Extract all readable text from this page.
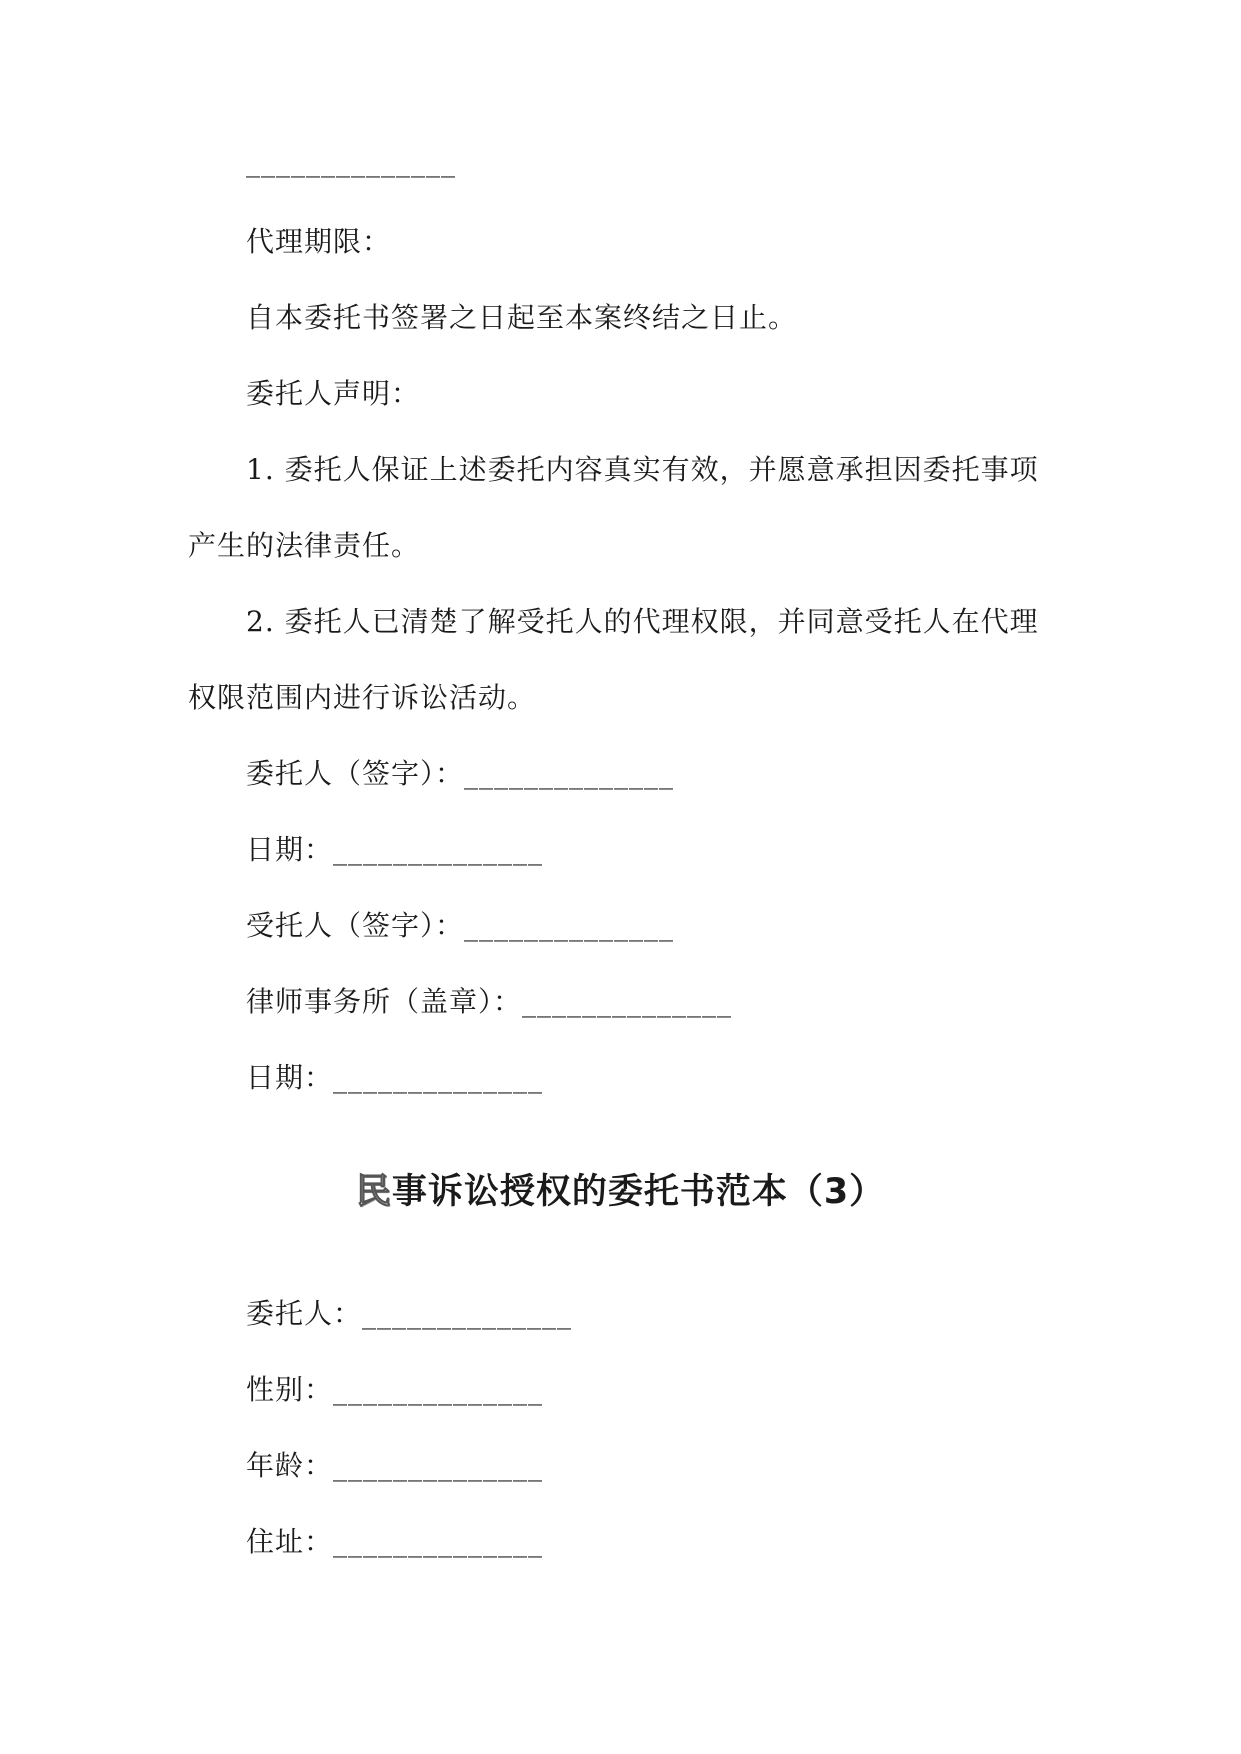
______________
代理期限：
自本委托书签署之日起至本案终结之日止。
委托人声明：
1. 委托人保证上述委托内容真实有效，并愿意承担因委托事项
产生的法律责任。
2. 委托人已清楚了解受托人的代理权限，并同意受托人在代理
权限范围内进行诉讼活动。
委托人（签字）：______________
日期：______________
受托人（签字）：______________
律师事务所（盖章）：______________
日期：______________
民事诉讼授权的委托书范本（3）
委托人：______________
性别：______________
年龄：______________
住址：______________
